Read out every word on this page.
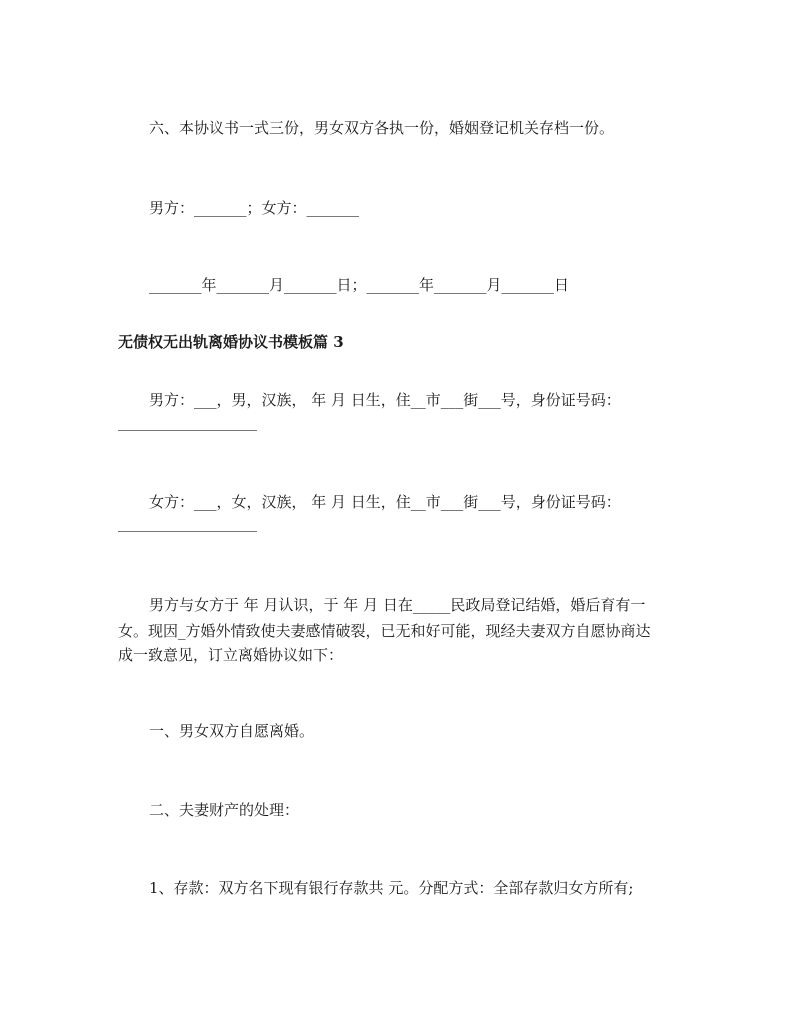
六、本协议书一式三份，男女双方各执一份，婚姻登记机关存档一份。
男方：_______；女方：_______
_______年_______月_______日；_______年_______月_______日
无债权无出轨离婚协议书模板篇 3
男方：___，男，汉族， 年 月 日生，住__市___街___号，身份证号码：
女方：___，女，汉族， 年 月 日生，住__市___街___号，身份证号码：
男方与女方于 年 月认识，于 年 月 日在_____民政局登记结婚，婚后育有一
女。现因_方婚外情致使夫妻感情破裂，已无和好可能，现经夫妻双方自愿协商达
成一致意见，订立离婚协议如下：
一、男女双方自愿离婚。
二、夫妻财产的处理：
1、存款：双方名下现有银行存款共 元。分配方式：全部存款归女方所有;
